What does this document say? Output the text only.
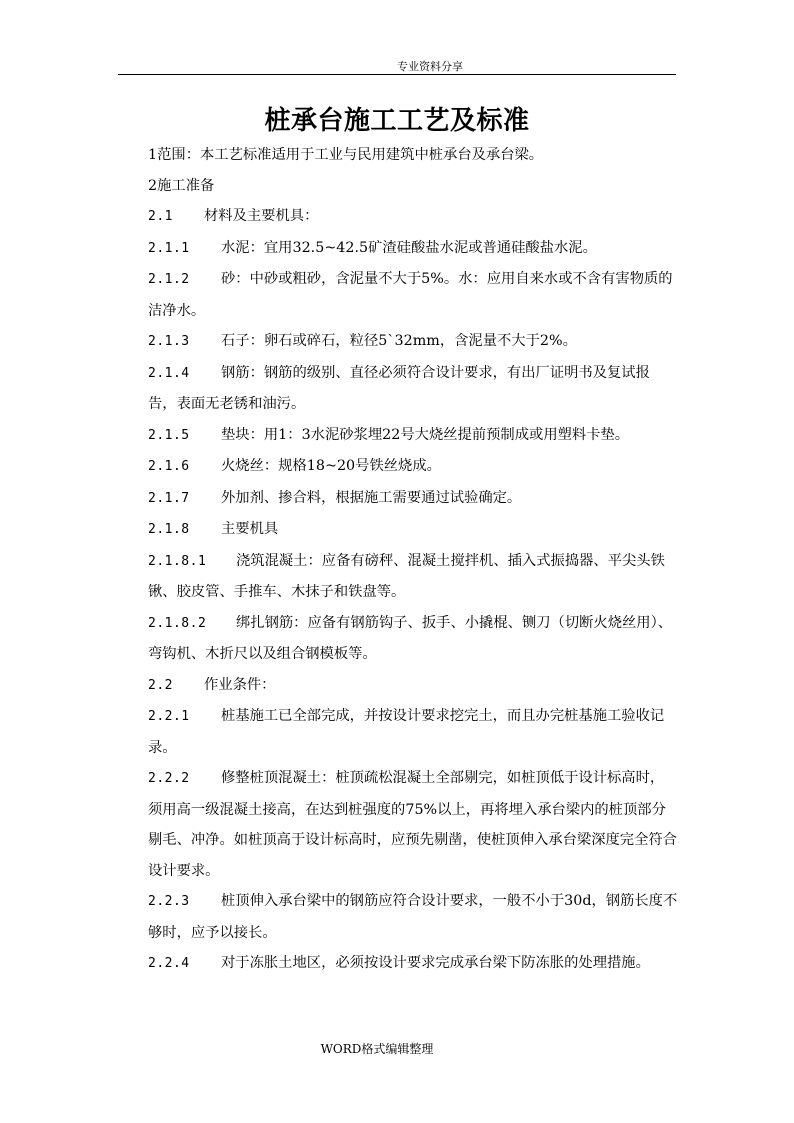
专业资料分享
桩承台施工工艺及标准
1范围：本工艺标准适用于工业与民用建筑中桩承台及承台梁。
2施工准备
2.1 材料及主要机具：
2.1.1 水泥：宜用32.5~42.5矿渣硅酸盐水泥或普通硅酸盐水泥。
2.1.2 砂：中砂或粗砂，含泥量不大于5%。水：应用自来水或不含有害物质的洁净水。
2.1.3 石子：卵石或碎石，粒径5`32mm，含泥量不大于2%。
2.1.4 钢筋：钢筋的级别、直径必须符合设计要求，有出厂证明书及复试报告，表面无老锈和油污。
2.1.5 垫块：用1：3水泥砂浆埋22号大烧丝提前预制成或用塑料卡垫。
2.1.6 火烧丝：规格18~20号铁丝烧成。
2.1.7 外加剂、掺合料，根据施工需要通过试验确定。
2.1.8 主要机具
2.1.8.1 浇筑混凝土：应备有磅秤、混凝土搅拌机、插入式振捣器、平尖头铁锹、胶皮管、手推车、木抹子和铁盘等。
2.1.8.2 绑扎钢筋：应备有钢筋钩子、扳手、小撬棍、铡刀（切断火烧丝用）、弯钩机、木折尺以及组合钢模板等。
2.2 作业条件：
2.2.1 桩基施工已全部完成，并按设计要求挖完土，而且办完桩基施工验收记录。
2.2.2 修整桩顶混凝土：桩顶疏松混凝土全部剔完，如桩顶低于设计标高时，须用高一级混凝土接高，在达到桩强度的75%以上，再将埋入承台梁内的桩顶部分剔毛、冲净。如桩顶高于设计标高时，应预先剔凿，使桩顶伸入承台梁深度完全符合设计要求。
2.2.3 桩顶伸入承台梁中的钢筋应符合设计要求，一般不小于30d，钢筋长度不够时，应予以接长。
2.2.4 对于冻胀土地区，必须按设计要求完成承台梁下防冻胀的处理措施。
WORD格式编辑整理
